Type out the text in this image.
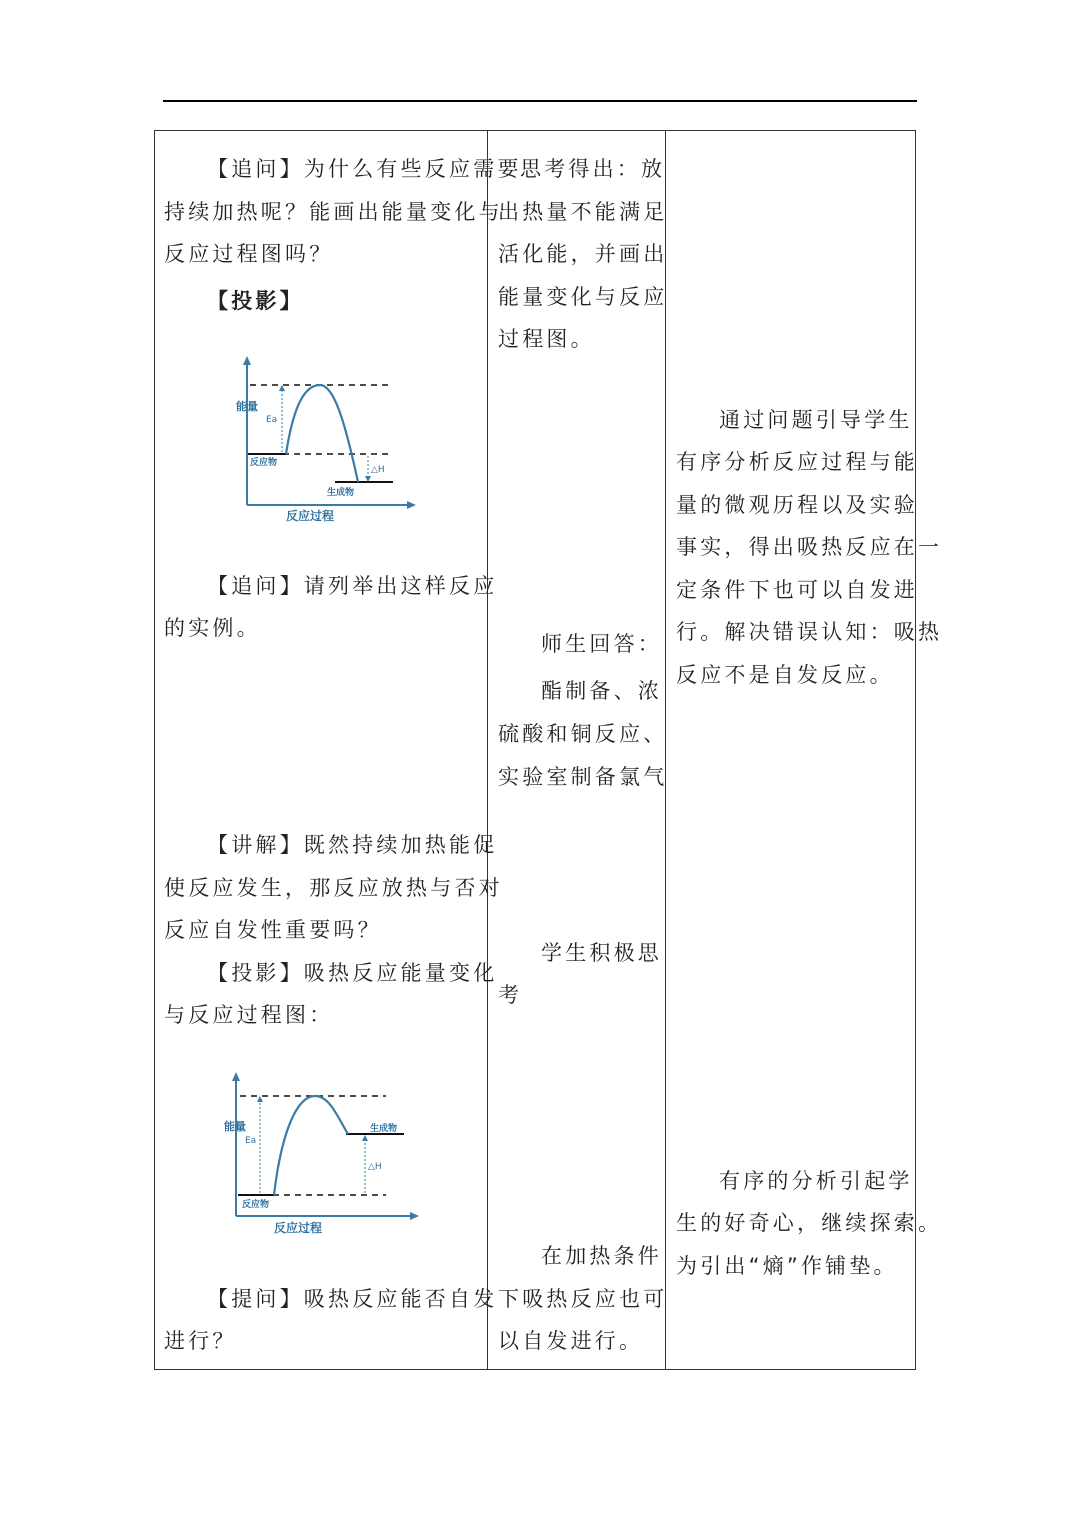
【追问】为什么有些反应需要
持续加热呢？能画出能量变化与
反应过程图吗？
【投影】
能量
Ea
△H
反应物
生成物
反应过程
【追问】请列举出这样反应
的实例。
【讲解】既然持续加热能促
使反应发生，那反应放热与否对
反应自发性重要吗？
【投影】吸热反应能量变化
与反应过程图：
能量
Ea
△H
反应物
生成物
反应过程
【提问】吸热反应能否自发
进行？
思考得出：放
出热量不能满足
活化能，并画出
能量变化与反应
过程图。
师生回答：
酯制备、浓
硫酸和铜反应、
实验室制备氯气
学生积极思
考
在加热条件
下吸热反应也可
以自发进行。
通过问题引导学生
有序分析反应过程与能
量的微观历程以及实验
事实，得出吸热反应在一
定条件下也可以自发进
行。解决错误认知：吸热
反应不是自发反应。
有序的分析引起学
生的好奇心，继续探索。
为引出“熵”作铺垫。
